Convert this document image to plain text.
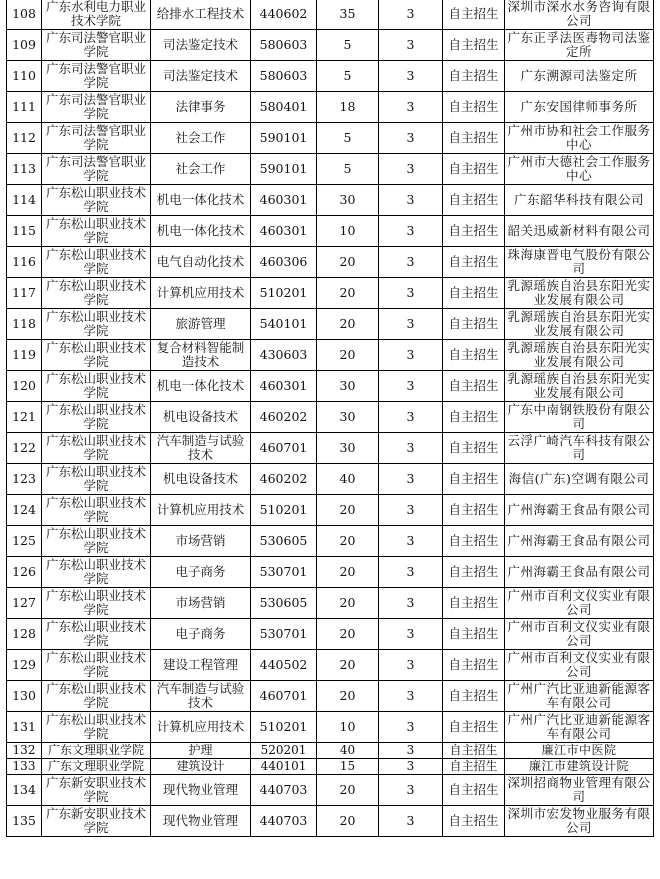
108	广东水利电力职业技术学院	给排水工程技术	440602	35	3	自主招生	深圳市深水水务咨询有限公司
109	广东司法警官职业学院	司法鉴定技术	580603	5	3	自主招生	广东正孚法医毒物司法鉴定所
110	广东司法警官职业学院	司法鉴定技术	580603	5	3	自主招生	广东溯源司法鉴定所
111	广东司法警官职业学院	法律事务	580401	18	3	自主招生	广东安国律师事务所
112	广东司法警官职业学院	社会工作	590101	5	3	自主招生	广州市协和社会工作服务中心
113	广东司法警官职业学院	社会工作	590101	5	3	自主招生	广州市大德社会工作服务中心
114	广东松山职业技术学院	机电一体化技术	460301	30	3	自主招生	广东韶华科技有限公司
115	广东松山职业技术学院	机电一体化技术	460301	10	3	自主招生	韶关迅威新材料有限公司
116	广东松山职业技术学院	电气自动化技术	460306	20	3	自主招生	珠海康晋电气股份有限公司
117	广东松山职业技术学院	计算机应用技术	510201	20	3	自主招生	乳源瑶族自治县东阳光实业发展有限公司
118	广东松山职业技术学院	旅游管理	540101	20	3	自主招生	乳源瑶族自治县东阳光实业发展有限公司
119	广东松山职业技术学院	复合材料智能制造技术	430603	20	3	自主招生	乳源瑶族自治县东阳光实业发展有限公司
120	广东松山职业技术学院	机电一体化技术	460301	30	3	自主招生	乳源瑶族自治县东阳光实业发展有限公司
121	广东松山职业技术学院	机电设备技术	460202	30	3	自主招生	广东中南钢铁股份有限公司
122	广东松山职业技术学院	汽车制造与试验技术	460701	30	3	自主招生	云浮广崎汽车科技有限公司
123	广东松山职业技术学院	机电设备技术	460202	40	3	自主招生	海信(广东)空调有限公司
124	广东松山职业技术学院	计算机应用技术	510201	20	3	自主招生	广州海霸王食品有限公司
125	广东松山职业技术学院	市场营销	530605	20	3	自主招生	广州海霸王食品有限公司
126	广东松山职业技术学院	电子商务	530701	20	3	自主招生	广州海霸王食品有限公司
127	广东松山职业技术学院	市场营销	530605	20	3	自主招生	广州市百利文仪实业有限公司
128	广东松山职业技术学院	电子商务	530701	20	3	自主招生	广州市百利文仪实业有限公司
129	广东松山职业技术学院	建设工程管理	440502	20	3	自主招生	广州市百利文仪实业有限公司
130	广东松山职业技术学院	汽车制造与试验技术	460701	20	3	自主招生	广州广汽比亚迪新能源客车有限公司
131	广东松山职业技术学院	计算机应用技术	510201	10	3	自主招生	广州广汽比亚迪新能源客车有限公司
132	广东文理职业学院	护理	520201	40	3	自主招生	廉江市中医院
133	广东文理职业学院	建筑设计	440101	15	3	自主招生	廉江市建筑设计院
134	广东新安职业技术学院	现代物业管理	440703	20	3	自主招生	深圳招商物业管理有限公司
135	广东新安职业技术学院	现代物业管理	440703	20	3	自主招生	深圳市宏发物业服务有限公司
